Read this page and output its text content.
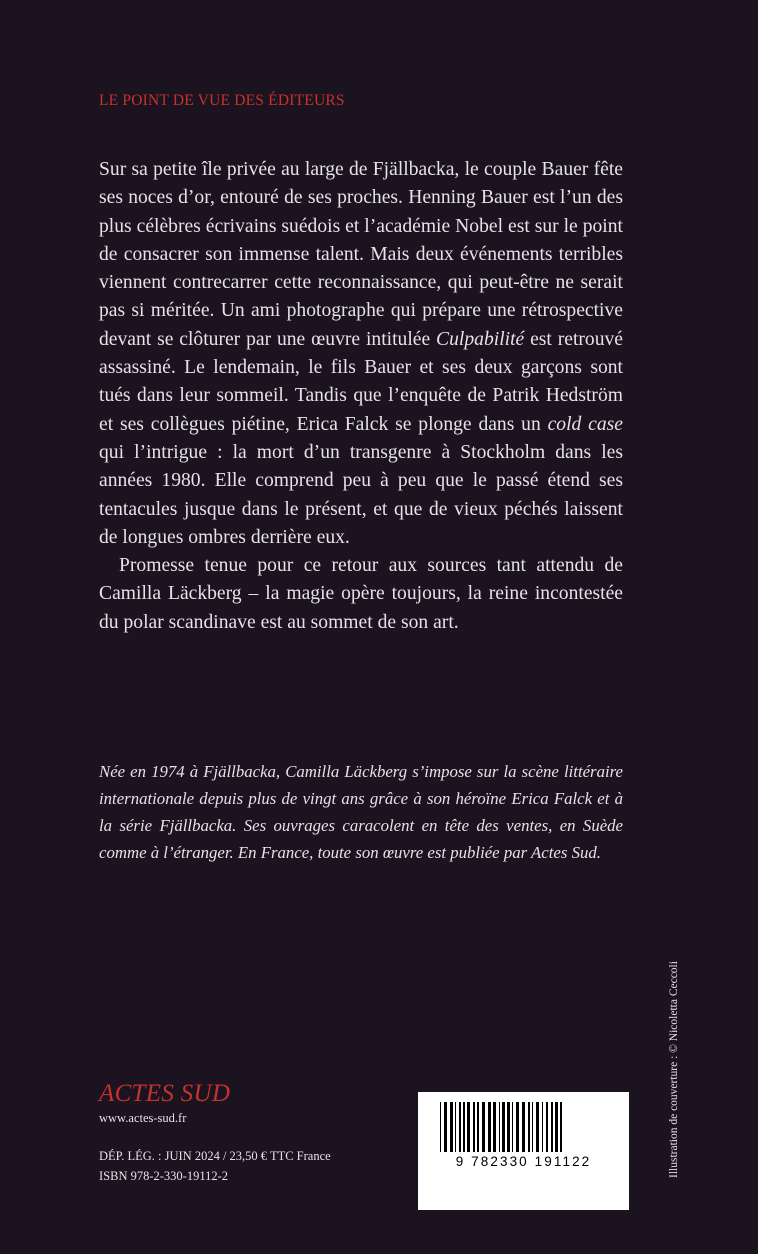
LE POINT DE VUE DES ÉDITEURS

Sur sa petite île privée au large de Fjällbacka, le couple Bauer fête ses noces d’or, entouré de ses proches. Henning Bauer est l’un des plus célèbres écrivains suédois et l’académie Nobel est sur le point de consacrer son immense talent. Mais deux événements terribles viennent contrecarrer cette reconnaissance, qui peut-être ne serait pas si méritée. Un ami photographe qui prépare une rétrospective devant se clôturer par une œuvre intitulée Culpabilité est retrouvé assassiné. Le lendemain, le fils Bauer et ses deux garçons sont tués dans leur sommeil. Tandis que l’enquête de Patrik Hedström et ses collègues piétine, Erica Falck se plonge dans un cold case qui l’intrigue : la mort d’un transgenre à Stockholm dans les années 1980. Elle comprend peu à peu que le passé étend ses tentacules jusque dans le présent, et que de vieux péchés laissent de longues ombres derrière eux.

Promesse tenue pour ce retour aux sources tant attendu de Camilla Läckberg – la magie opère toujours, la reine incontestée du polar scandinave est au sommet de son art.

Née en 1974 à Fjällbacka, Camilla Läckberg s’impose sur la scène littéraire internationale depuis plus de vingt ans grâce à son héroïne Erica Falck et à la série Fjällbacka. Ses ouvrages caracolent en tête des ventes, en Suède comme à l’étranger. En France, toute son œuvre est publiée par Actes Sud.

ACTES SUD
www.actes-sud.fr
DÉP. LÉG. : JUIN 2024 / 23,50 € TTC France
ISBN 978-2-330-19112-2
9 782330 191122	Illustration de couverture : © Nicoletta Ceccoli
